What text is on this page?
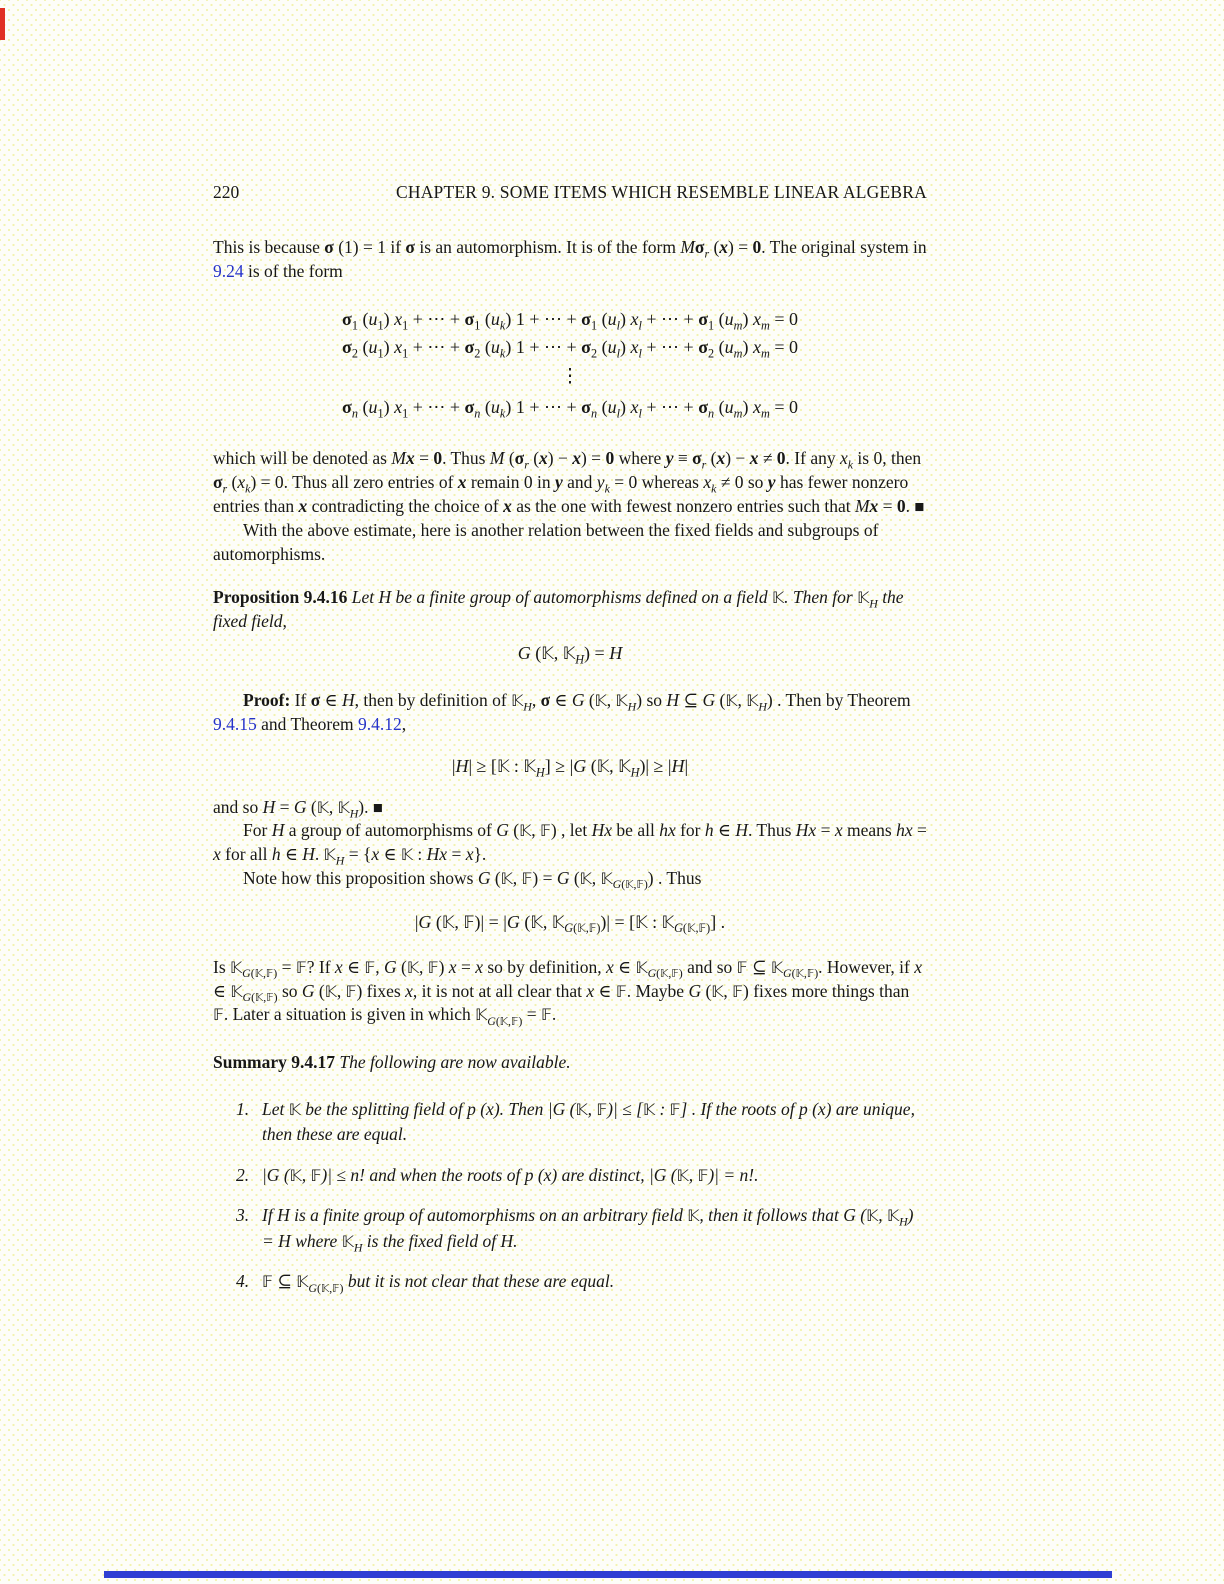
220	CHAPTER 9. SOME ITEMS WHICH RESEMBLE LINEAR ALGEBRA

This is because σ (1) = 1 if σ is an automorphism. It is of the form $M\sigma_r$ (x) = 0. The original system in 9.24 is of the form

$\sigma_1$ $(u_1) x_1$ + ⋯ + $\sigma_1$ $(u_k) 1$ + ⋯ + $\sigma_1$ $(u_l) x_l$ + ⋯ + $\sigma_1$ $(u_m) x_m = 0$
$\sigma_2$ $(u_1) x_1$ + ⋯ + $\sigma_2$ $(u_k) 1$ + ⋯ + $\sigma_2$ $(u_l) x_l$ + ⋯ + $\sigma_2$ $(u_m) x_m = 0$
⋮
$\sigma_n$ $(u_1) x_1$ + ⋯ + $\sigma_n$ $(u_k) 1$ + ⋯ + $\sigma_n$ $(u_l) x_l$ + ⋯ + $\sigma_n$ $(u_m) x_m = 0$

which will be denoted as Mx = 0. Thus M ($\sigma_r$ (x) − x) = 0 where $y \equiv \sigma_r$ (x) − x ≠ 0. If any $x_k$ is 0, then $\sigma_r$ $(x_k) = 0$. Thus all zero entries of x remain 0 in y and $y_k = 0$ whereas $x_k \ne 0$ so y has fewer nonzero entries than x contradicting the choice of x as the one with fewest nonzero entries such that Mx = 0. ■

With the above estimate, here is another relation between the fixed fields and subgroups of automorphisms.

Proposition 9.4.16 Let H be a finite group of automorphisms defined on a field 𝕂. Then for 𝕂$_H$ the fixed field,

G (𝕂, 𝕂$_H$) = H

Proof: If σ ∈ H, then by definition of 𝕂$_H$, σ ∈ G (𝕂, 𝕂$_H$) so H ⊆ G (𝕂, 𝕂$_H$) . Then by Theorem 9.4.15 and Theorem 9.4.12,

|H| ≥ [𝕂 : 𝕂$_H$] ≥ |G (𝕂, 𝕂$_H$)| ≥ |H|

and so H = G (𝕂, 𝕂$_H$). ■

For H a group of automorphisms of G (𝕂, 𝔽) , let Hx be all hx for h ∈ H. Thus Hx = x means hx = x for all h ∈ H. 𝕂$_H$ = {x ∈ 𝕂 : Hx = x}.

Note how this proposition shows G (𝕂, 𝔽) = G (𝕂, 𝕂$_{G(𝕂,𝔽)}$) . Thus

|G (𝕂, 𝔽)| = |G (𝕂, 𝕂$_{G(𝕂,𝔽)}$)| = [𝕂 : 𝕂$_{G(𝕂,𝔽)}$] .

Is 𝕂$_{G(𝕂,𝔽)}$ = 𝔽? If x ∈ 𝔽, G (𝕂, 𝔽) x = x so by definition, x ∈ 𝕂$_{G(𝕂,𝔽)}$ and so 𝔽 ⊆ 𝕂$_{G(𝕂,𝔽)}$. However, if x ∈ 𝕂$_{G(𝕂,𝔽)}$ so G (𝕂, 𝔽) fixes x, it is not at all clear that x ∈ 𝔽. Maybe G (𝕂, 𝔽) fixes more things than 𝔽. Later a situation is given in which 𝕂$_{G(𝕂,𝔽)}$ = 𝔽.

Summary 9.4.17 The following are now available.

1. Let 𝕂 be the splitting field of p (x). Then |G (𝕂, 𝔽)| ≤ [𝕂 : 𝔽] . If the roots of p (x) are unique, then these are equal.
2. |G (𝕂, 𝔽)| ≤ n! and when the roots of p (x) are distinct, |G (𝕂, 𝔽)| = n!.
3. If H is a finite group of automorphisms on an arbitrary field 𝕂, then it follows that G (𝕂, 𝕂$_H$) = H where 𝕂$_H$ is the fixed field of H.
4. 𝔽 ⊆ 𝕂$_{G(𝕂,𝔽)}$ but it is not clear that these are equal.
